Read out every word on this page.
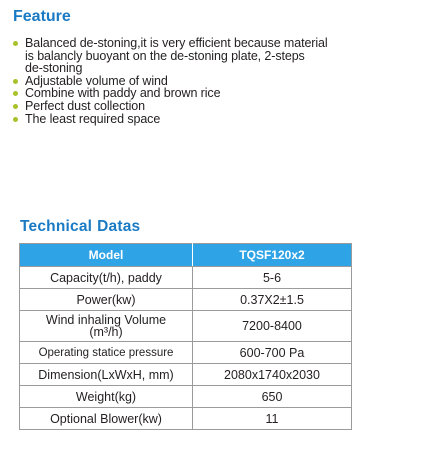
Feature
Balanced de-stoning,it is very efficient because material
is balancly buoyant on the de-stoning plate, 2-steps
de-stoning
Adjustable volume of wind
Combine with paddy and brown rice
Perfect dust collection
The least required space
Technical Datas
Model	TQSF120x2
Capacity(t/h), paddy	5-6
Power(kw)	0.37X2±1.5

Wind inhaling Volume
(m³/h)	7200-8400
Operating statice pressure	600-700 Pa
Dimension(LxWxH, mm)	2080x1740x2030
Weight(kg)	650
Optional Blower(kw)	11
